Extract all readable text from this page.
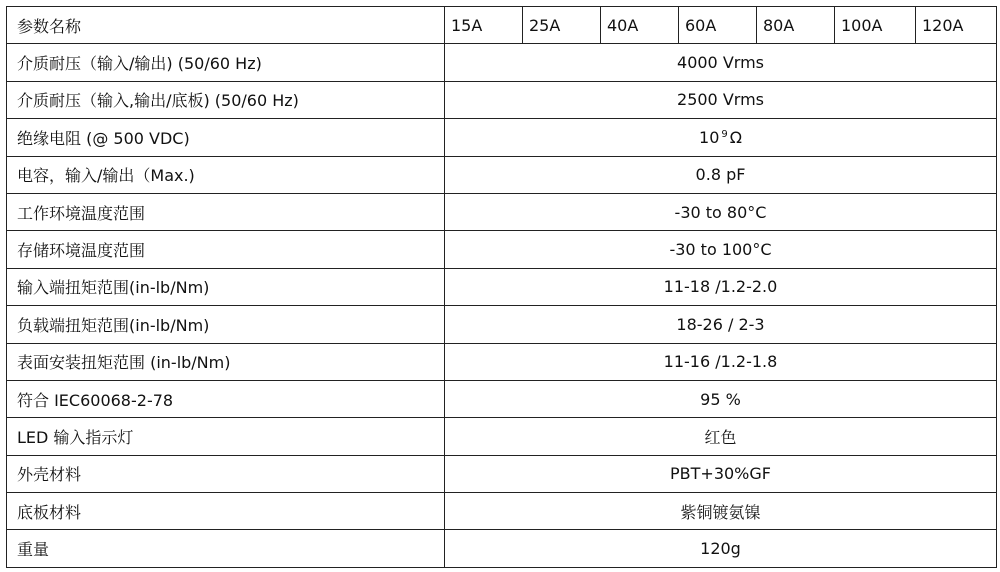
参数名称	15A	25A	40A	60A	80A	100A	120A
介质耐压（输入/输出) (50/60 Hz)	4000 Vrms						
介质耐压（输入,输出/底板) (50/60 Hz)	2500 Vrms						
绝缘电阻 (@ 500 VDC)	10 $^9$ Ω						
电容，输入/输出（Max.)	0.8 pF						
工作环境温度范围	-30 to 80°C						
存储环境温度范围	-30 to 100°C						
输入端扭矩范围(in-lb/Nm)	11-18 /1.2-2.0						
负载端扭矩范围(in-lb/Nm)	18-26 / 2-3						
表面安装扭矩范围 (in-lb/Nm)	11-16 /1.2-1.8						
符合 IEC60068-2-78	95 %						
LED 输入指示灯	红色						
外壳材料	PBT+30%GF						
底板材料	紫铜镀氨镍						
重量	120g						
